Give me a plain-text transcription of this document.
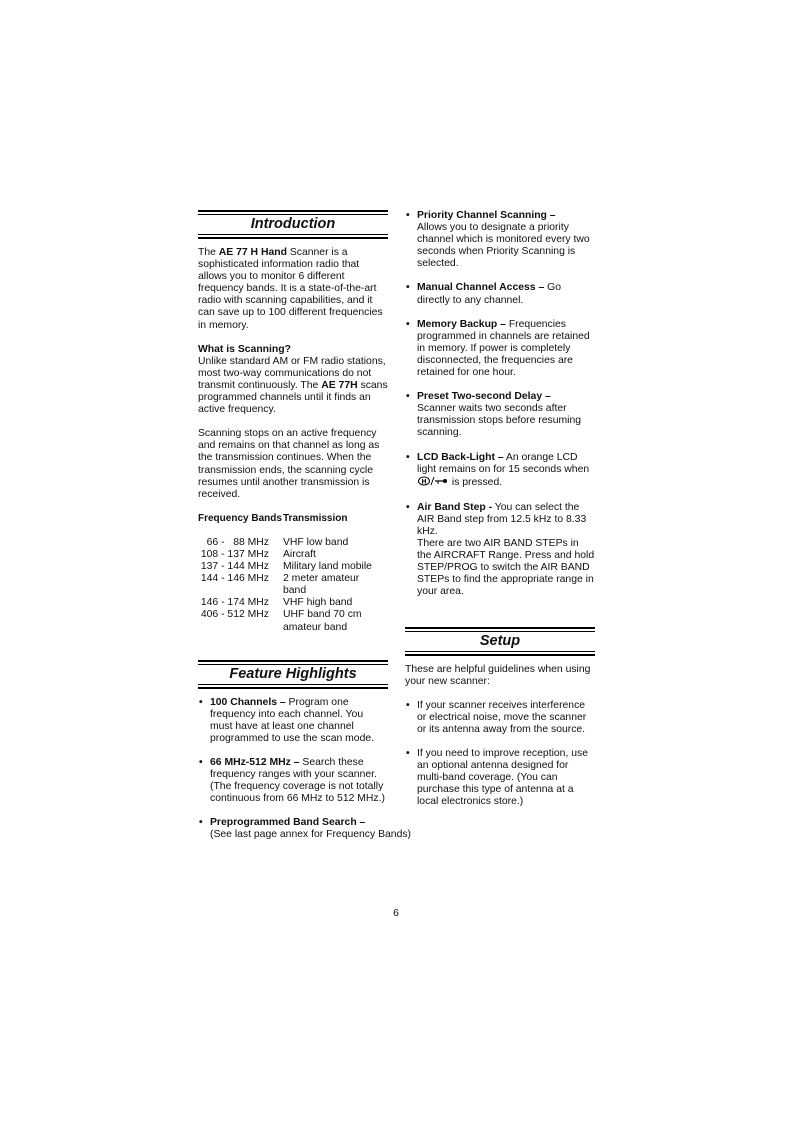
Introduction

The AE 77 H Hand Scanner is a sophisticated information radio that allows you to monitor 6 different frequency bands. It is a state-of-the-art radio with scanning capabilities, and it can save up to 100 different frequencies in memory.

What is Scanning?

Unlike standard AM or FM radio stations, most two-way communications do not transmit continuously. The AE 77H scans programmed channels until it finds an active frequency.

Scanning stops on an active frequency and remains on that channel as long as the transmission continues. When the transmission ends, the scanning cycle resumes until another transmission is received.

Frequency Bands Transmission
66 -   88 MHz	VHF low band
108 - 137 MHz	Aircraft
137 - 144 MHz	Military land mobile
144 - 146 MHz	2 meter amateur band
146 - 174 MHz	VHF high band
406 - 512 MHz	UHF band 70 cm amateur band
Feature Highlights
• 100 Channels – Program one frequency into each channel. You must have at least one channel programmed to use the scan mode.
• 66 MHz-512 MHz – Search these frequency ranges with your scanner. (The frequency coverage is not totally continuous from 66 MHz to 512 MHz.)
• Preprogrammed Band Search –
(See last page annex for Frequency Bands)
• Priority Channel Scanning –
Allows you to designate a priority channel which is monitored every two seconds when Priority Scanning is selected.
• Manual Channel Access – Go directly to any channel.
• Memory Backup – Frequencies programmed in channels are retained in memory. If power is completely disconnected, the frequencies are retained for one hour.
• Preset Two-second Delay –
Scanner waits two seconds after transmission stops before resuming scanning.
• LCD Back-Light – An orange LCD light remains on for 15 seconds when
H is pressed.
• Air Band Step - You can select the AIR Band step from 12.5 kHz to 8.33 kHz.
There are two AIR BAND STEPs in the AIRCRAFT Range. Press and hold STEP/PROG to switch the AIR BAND STEPs to find the appropriate range in your area.
Setup

These are helpful guidelines when using your new scanner:

• If your scanner receives interference or electrical noise, move the scanner or its antenna away from the source.
• If you need to improve reception, use an optional antenna designed for multi-band coverage. (You can purchase this type of antenna at a local electronics store.)
6
